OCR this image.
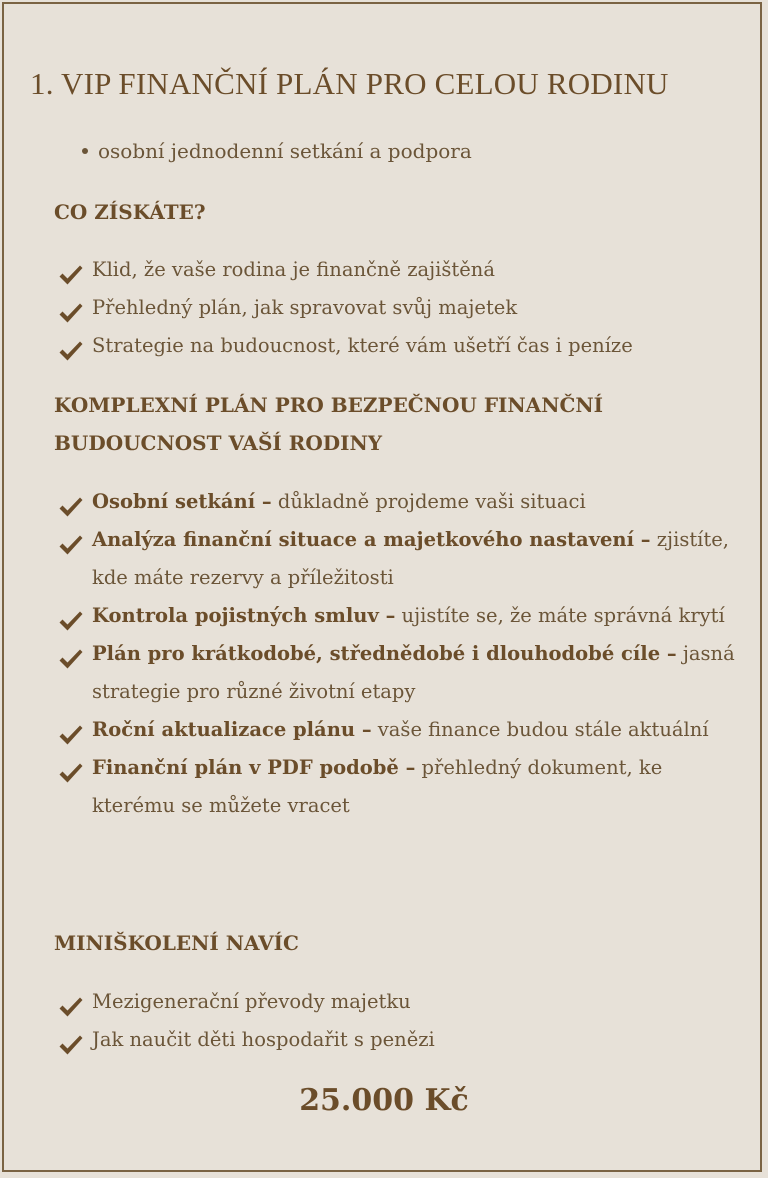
1. VIP FINANČNÍ PLÁN PRO CELOU RODINU
osobní jednodenní setkání a podpora
CO ZÍSKÁTE?
Klid, že vaše rodina je finančně zajištěná
Přehledný plán, jak spravovat svůj majetek
Strategie na budoucnost, které vám ušetří čas i peníze
KOMPLEXNÍ PLÁN PRO BEZPEČNOU FINANČNÍ
BUDOUCNOST VAŠÍ RODINY
Osobní setkání – důkladně projdeme vaši situaci
Analýza finanční situace a majetkového nastavení – zjistíte, kde máte rezervy a příležitosti
Kontrola pojistných smluv – ujistíte se, že máte správná krytí
Plán pro krátkodobé, střednědobé i dlouhodobé cíle – jasná strategie pro různé životní etapy
Roční aktualizace plánu – vaše finance budou stále aktuální
Finanční plán v PDF podobě – přehledný dokument, ke kterému se můžete vracet
MINIŠKOLENÍ NAVÍC
Mezigenerační převody majetku
Jak naučit děti hospodařit s penězi
25.000 Kč
